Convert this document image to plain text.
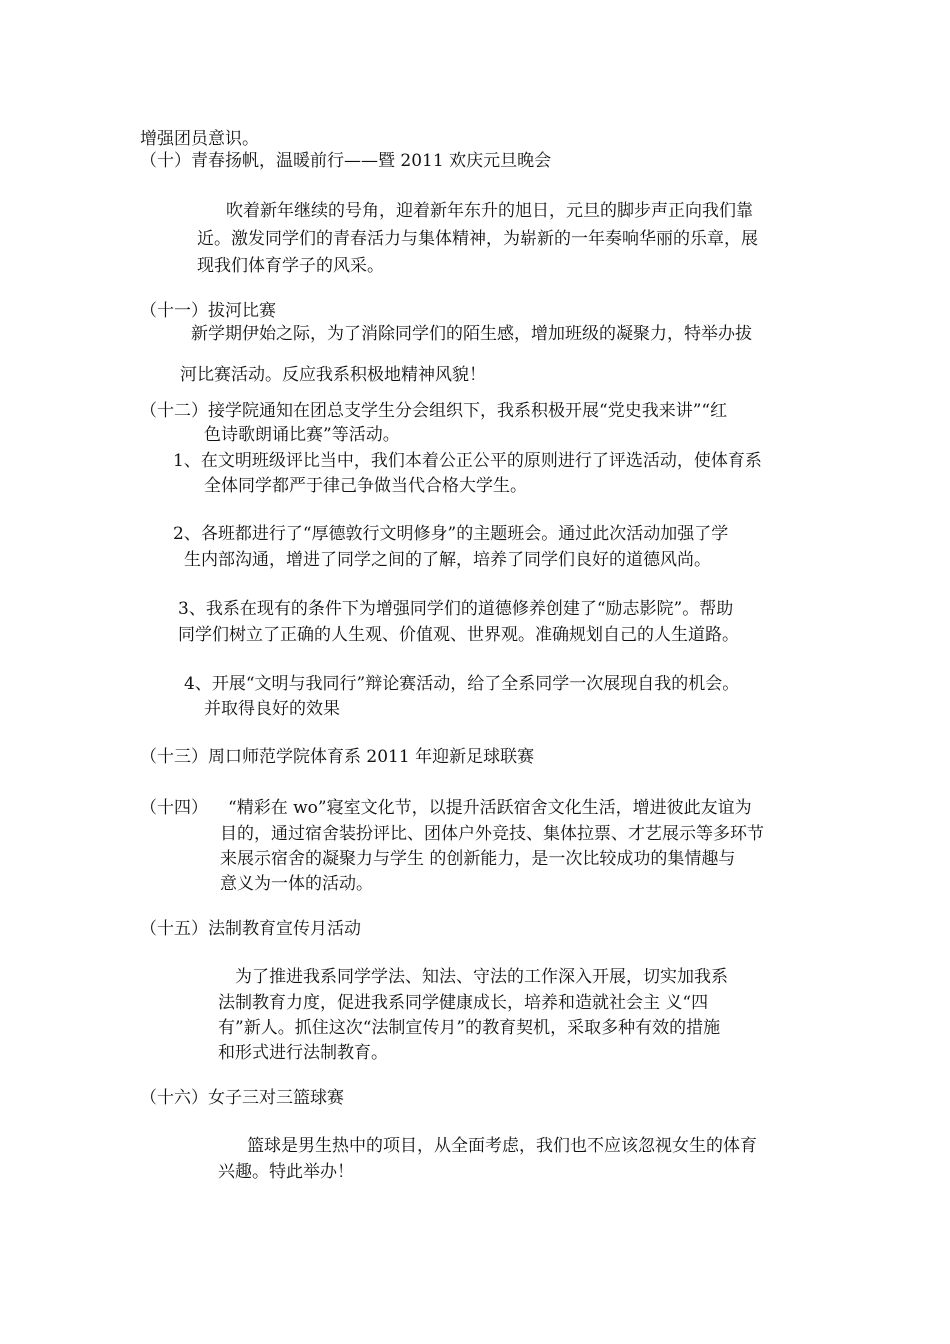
增强团员意识。
（十）青春扬帆，温暖前行——暨 2011 欢庆元旦晚会
吹着新年继续的号角，迎着新年东升的旭日，元旦的脚步声正向我们靠
近。激发同学们的青春活力与集体精神，为崭新的一年奏响华丽的乐章，展
现我们体育学子的风采。
（十一）拔河比赛
新学期伊始之际，为了消除同学们的陌生感，增加班级的凝聚力，特举办拔
河比赛活动。反应我系积极地精神风貌！
（十二）接学院通知在团总支学生分会组织下，我系积极开展“党史我来讲”“红
色诗歌朗诵比赛”等活动。
1、在文明班级评比当中，我们本着公正公平的原则进行了评选活动，使体育系
全体同学都严于律己争做当代合格大学生。
2、各班都进行了“厚德敦行文明修身”的主题班会。通过此次活动加强了学
生内部沟通，增进了同学之间的了解，培养了同学们良好的道德风尚。
3、我系在现有的条件下为增强同学们的道德修养创建了“励志影院”。帮助
同学们树立了正确的人生观、价值观、世界观。准确规划自己的人生道路。
4、开展“文明与我同行”辩论赛活动，给了全系同学一次展现自我的机会。
并取得良好的效果
（十三）周口师范学院体育系 2011 年迎新足球联赛
（十四） “精彩在 wo”寝室文化节，以提升活跃宿舍文化生活，增进彼此友谊为
目的，通过宿舍装扮评比、团体户外竞技、集体拉票、才艺展示等多环节
来展示宿舍的凝聚力与学生 的创新能力，是一次比较成功的集情趣与
意义为一体的活动。
（十五）法制教育宣传月活动
为了推进我系同学学法、知法、守法的工作深入开展，切实加我系
法制教育力度，促进我系同学健康成长，培养和造就社会主 义“四
有”新人。抓住这次“法制宣传月”的教育契机，采取多种有效的措施
和形式进行法制教育。
（十六）女子三对三篮球赛
篮球是男生热中的项目，从全面考虑，我们也不应该忽视女生的体育
兴趣。特此举办！
